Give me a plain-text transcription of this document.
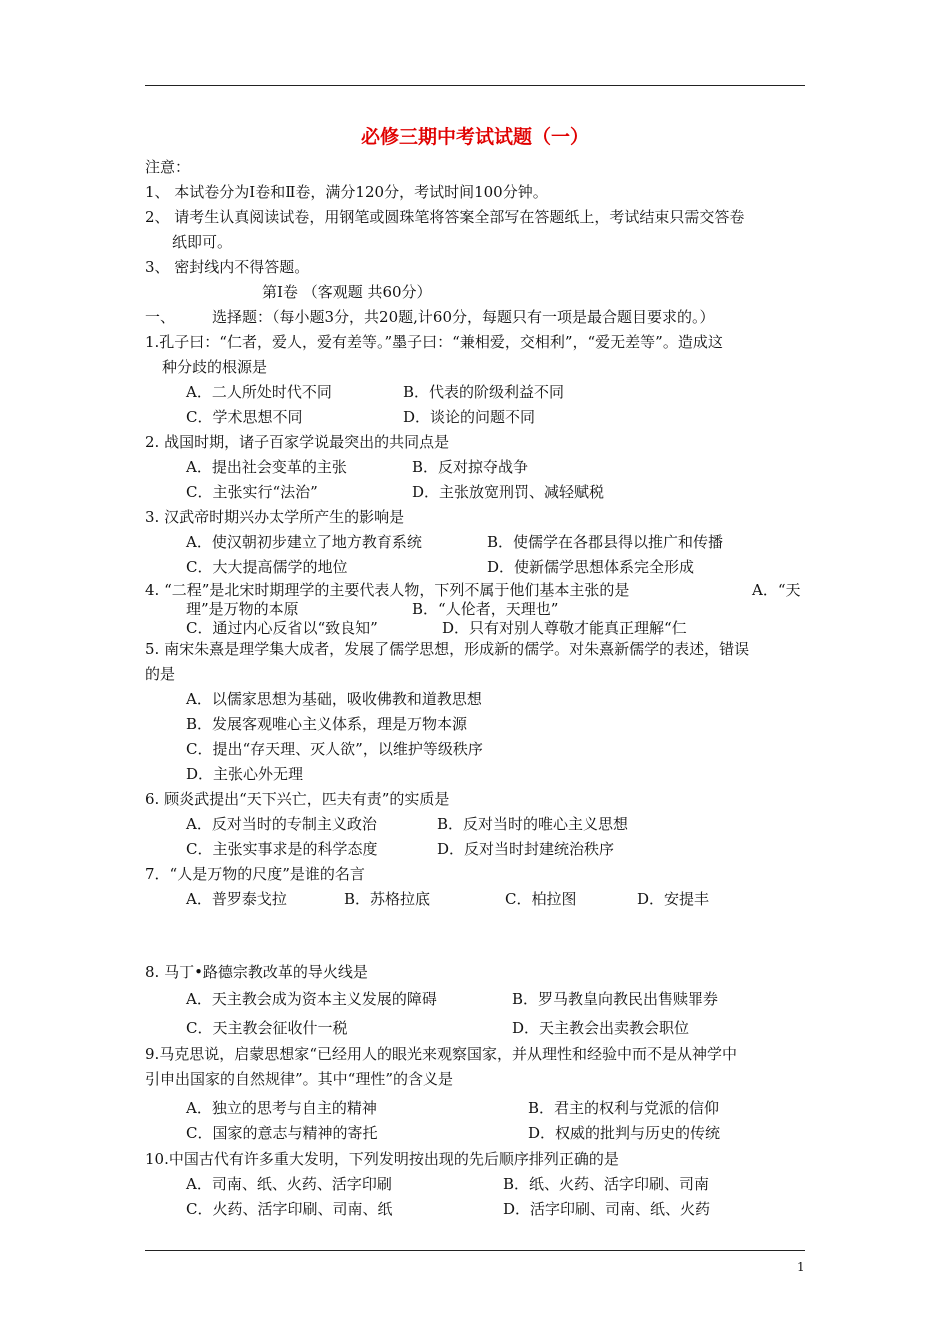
必修三期中考试试题（一）
注意：
1、 本试卷分为Ⅰ卷和Ⅱ卷，满分120分，考试时间100分钟。
2、 请考生认真阅读试卷，用钢笔或圆珠笔将答案全部写在答题纸上，考试结束只需交答卷
纸即可。
3、 密封线内不得答题。
第Ⅰ卷 （客观题 共60分）
一、 选择题：（每小题3分，共20题,计60分，每题只有一项是最合题目要求的。）
1.孔子曰：“仁者，爱人，爱有差等。”墨子曰：“兼相爱，交相利”，“爱无差等”。造成这
种分歧的根源是
A．二人所处时代不同	B．代表的阶级利益不同
C．学术思想不同	D．谈论的问题不同
2. 战国时期，诸子百家学说最突出的共同点是
A．提出社会变革的主张	B．反对掠夺战争
C．主张实行“法治”	D．主张放宽刑罚、减轻赋税
3. 汉武帝时期兴办太学所产生的影响是
A．使汉朝初步建立了地方教育系统	B．使儒学在各郡县得以推广和传播
C．大大提高儒学的地位	D．使新儒学思想体系完全形成
4. “二程”是北宋时期理学的主要代表人物，下列不属于他们基本主张的是	A．“天
理”是万物的本原	B．“人伦者，天理也”
C．通过内心反省以“致良知”	D．只有对别人尊敬才能真正理解“仁
5. 南宋朱熹是理学集大成者，发展了儒学思想，形成新的儒学。对朱熹新儒学的表述，错误
的是
A．以儒家思想为基础，吸收佛教和道教思想
B．发展客观唯心主义体系，理是万物本源
C．提出“存天理、灭人欲”，以维护等级秩序
D．主张心外无理
6. 顾炎武提出“天下兴亡，匹夫有责”的实质是
A．反对当时的专制主义政治	B．反对当时的唯心主义思想
C．主张实事求是的科学态度	D．反对当时封建统治秩序
7．“人是万物的尺度”是谁的名言
A．普罗泰戈拉	B．苏格拉底	C．柏拉图	D．安提丰
8. 马丁•路德宗教改革的导火线是
A．天主教会成为资本主义发展的障碍	B．罗马教皇向教民出售赎罪券
C．天主教会征收什一税	D．天主教会出卖教会职位
9.马克思说，启蒙思想家“已经用人的眼光来观察国家，并从理性和经验中而不是从神学中
引申出国家的自然规律”。其中“理性”的含义是
A．独立的思考与自主的精神	B．君主的权利与党派的信仰
C．国家的意志与精神的寄托	D．权威的批判与历史的传统
10.中国古代有许多重大发明，下列发明按出现的先后顺序排列正确的是
A．司南、纸、火药、活字印刷	B．纸、火药、活字印刷、司南
C．火药、活字印刷、司南、纸	D．活字印刷、司南、纸、火药
1
